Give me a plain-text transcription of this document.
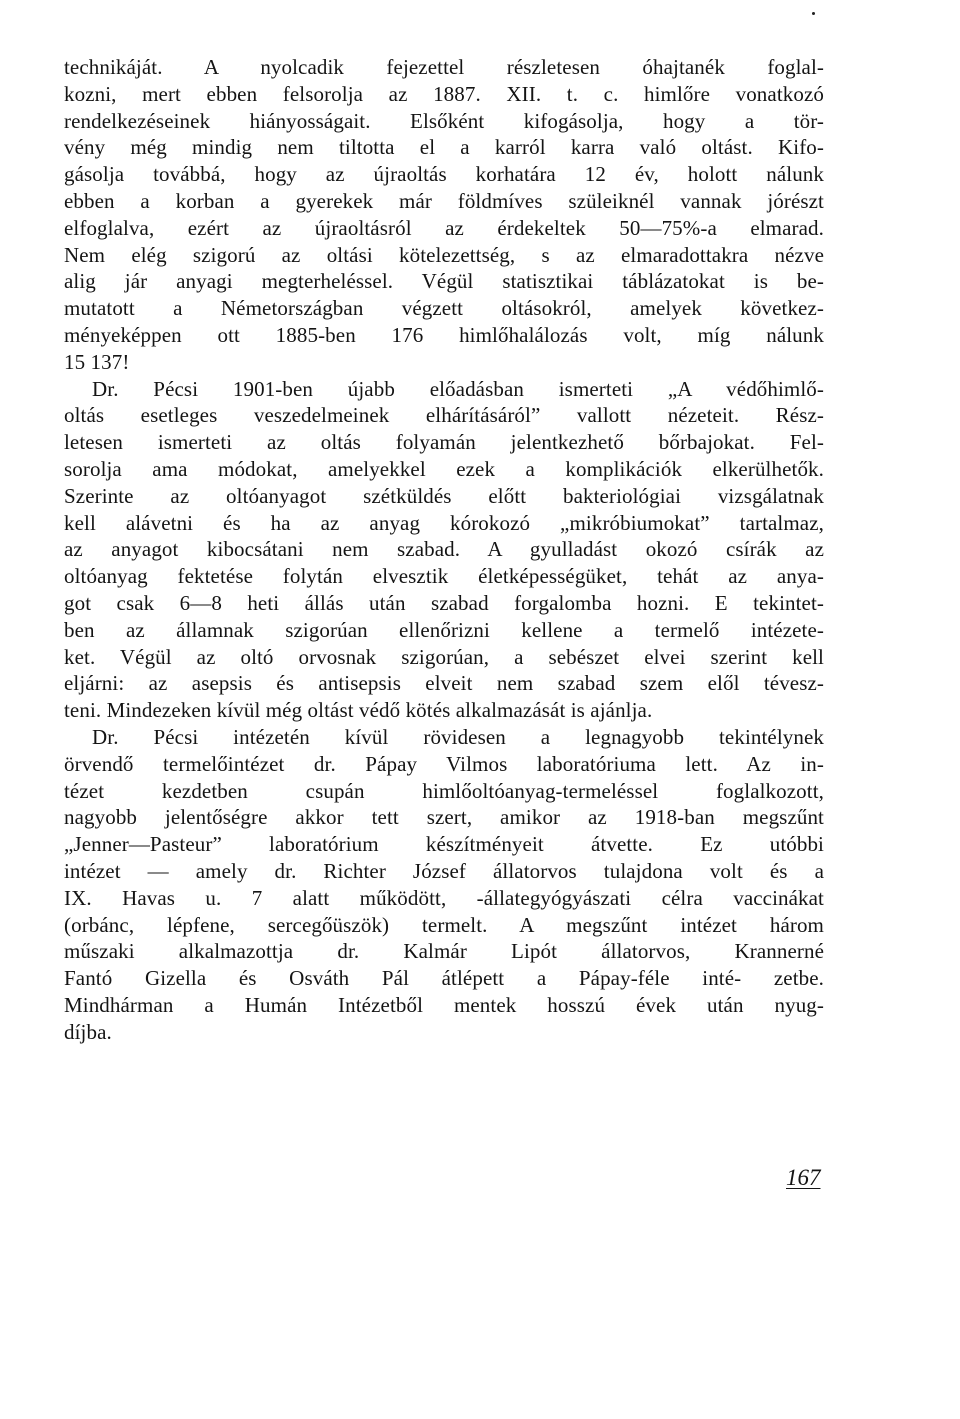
technikáját. A nyolcadik fejezettel részletesen óhajtanék foglal-
kozni, mert ebben felsorolja az 1887. XII. t. c. himlőre vonatkozó
rendelkezéseinek hiányosságait. Elsőként kifogásolja, hogy a tör-
vény még mindig nem tiltotta el a karról karra való oltást. Kifo-
gásolja továbbá, hogy az újraoltás korhatára 12 év, holott nálunk
ebben a korban a gyerekek már földmíves szüleiknél vannak jórészt
elfoglalva, ezért az újraoltásról az érdekeltek 50—75%-a elmarad.
Nem elég szigorú az oltási kötelezettség, s az elmaradottakra nézve
alig jár anyagi megterheléssel. Végül statisztikai táblázatokat is be-
mutatott a Németországban végzett oltásokról, amelyek következ-
ményeképpen ott 1885-ben 176 himlőhalálozás volt, míg nálunk
15 137!
Dr. Pécsi 1901-ben újabb előadásban ismerteti „A védőhimlő-
oltás esetleges veszedelmeinek elhárításáról” vallott nézeteit. Rész-
letesen ismerteti az oltás folyamán jelentkezhető bőrbajokat. Fel-
sorolja ama módokat, amelyekkel ezek a komplikációk elkerülhetők.
Szerinte az oltóanyagot szétküldés előtt bakteriológiai vizsgálatnak
kell alávetni és ha az anyag kórokozó „mikróbiumokat” tartalmaz,
az anyagot kibocsátani nem szabad. A gyulladást okozó csírák az
oltóanyag fektetése folytán elvesztik életképességüket, tehát az anya-
got csak 6—8 heti állás után szabad forgalomba hozni. E tekintet-
ben az államnak szigorúan ellenőrizni kellene a termelő intézete-
ket. Végül az oltó orvosnak szigorúan, a sebészet elvei szerint kell
eljárni: az asepsis és antisepsis elveit nem szabad szem elől tévesz-
teni. Mindezeken kívül még oltást védő kötés alkalmazását is ajánlja.
Dr. Pécsi intézetén kívül rövidesen a legnagyobb tekintélynek
örvendő termelőintézet dr. Pápay Vilmos laboratóriuma lett. Az in-
tézet kezdetben csupán himlőoltóanyag-termeléssel foglalkozott,
nagyobb jelentőségre akkor tett szert, amikor az 1918-ban megszűnt
„Jenner—Pasteur” laboratórium készítményeit átvette. Ez utóbbi
intézet — amely dr. Richter József állatorvos tulajdona volt és a
IX. Havas u. 7 alatt működött, -állategyógyászati célra vaccinákat
(orbánc, lépfene, sercegőüszök) termelt. A megszűnt intézet három
műszaki alkalmazottja dr. Kalmár Lipót állatorvos, Krannerné
Fantó Gizella és Osváth Pál átlépett a Pápay-féle inté- zetbe.
Mindhárman a Humán Intézetből mentek hosszú évek után nyug-
díjba.
167
